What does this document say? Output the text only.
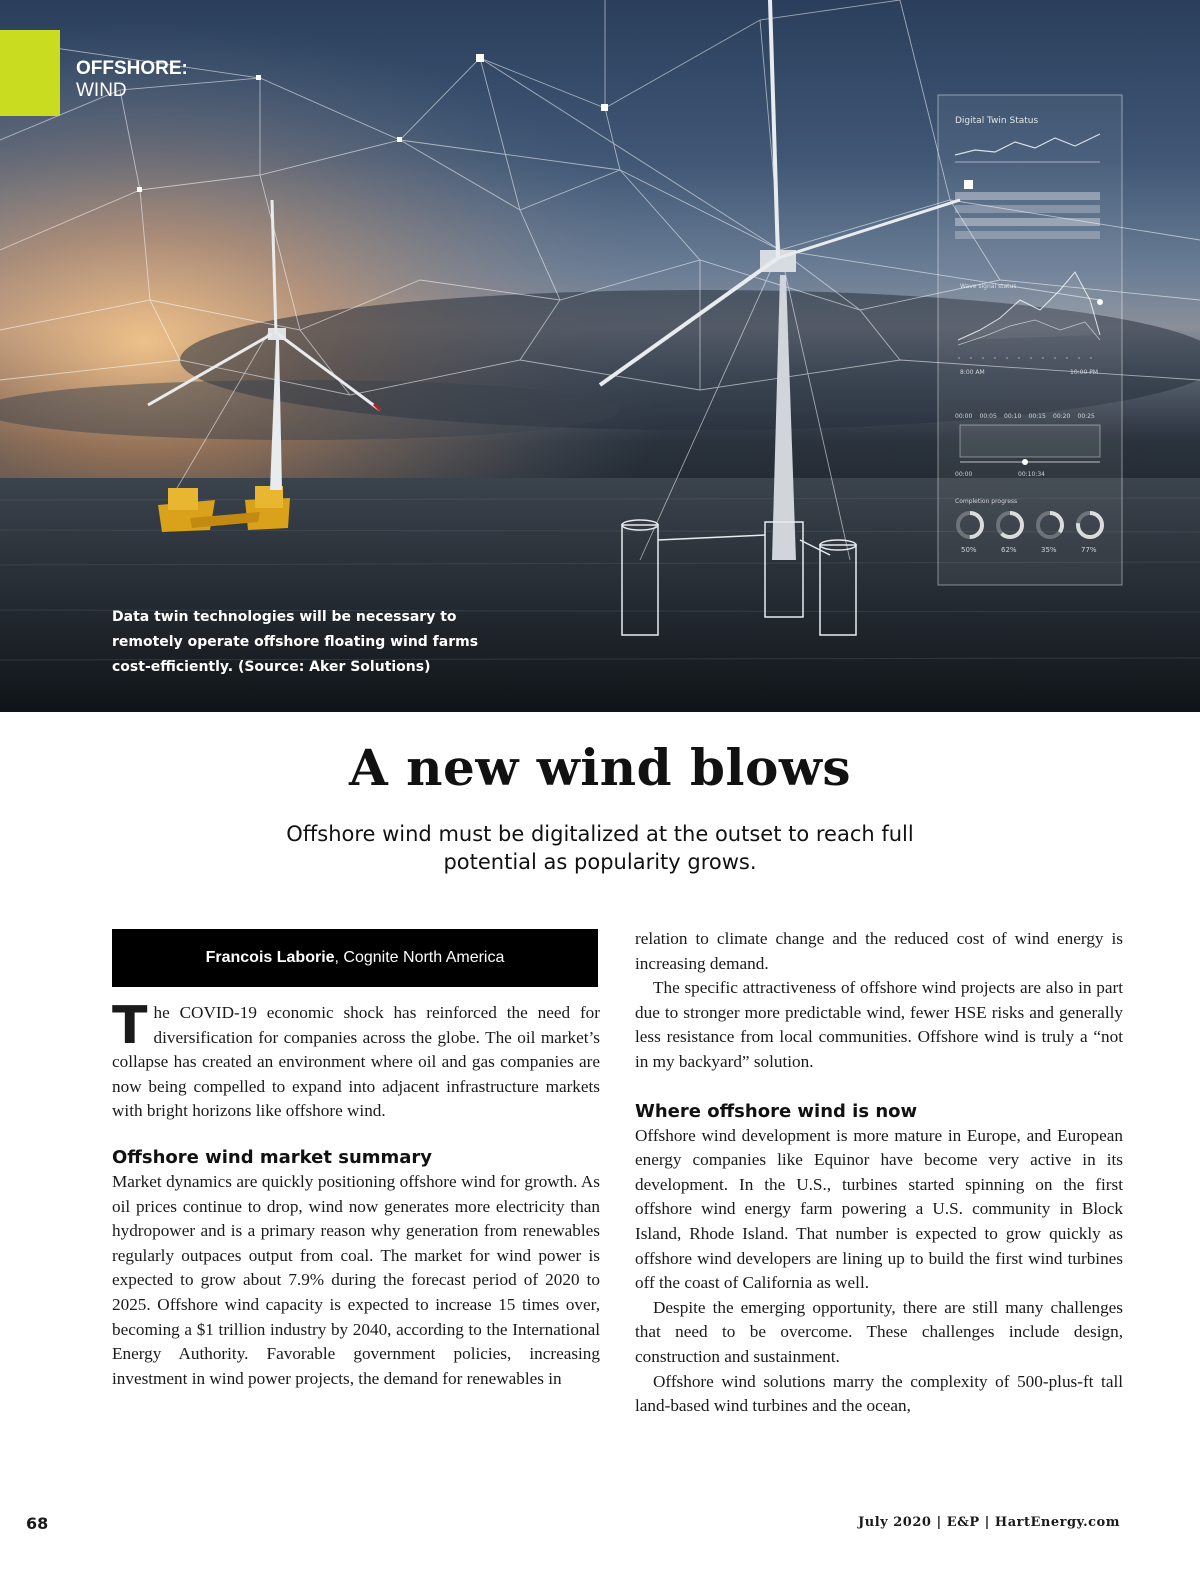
Digital Twin Status
Wave signal status
8:00 AM	10:00 PM
00:00 00:05 00:10 00:15 00:20 00:25
00:00	00:10:34
Completion progress
50%	62%	35%	77%
OFFSHORE:
WIND
Data twin technologies will be necessary to remotely operate offshore floating wind farms cost-efficiently. (Source: Aker Solutions)
A new wind blows

Offshore wind must be digitalized at the outset to reach full potential as popularity grows.

Francois Laborie , Cognite North America

The COVID-19 economic shock has reinforced the need for diversification for companies across the globe. The oil market’s collapse has created an environment where oil and gas companies are now being compelled to expand into adjacent infrastructure markets with bright horizons like offshore wind.

Offshore wind market summary

Market dynamics are quickly positioning offshore wind for growth. As oil prices continue to drop, wind now generates more electricity than hydropower and is a primary reason why generation from renewables regularly outpaces output from coal. The market for wind power is expected to grow about 7.9% during the forecast period of 2020 to 2025. Offshore wind capacity is expected to increase 15 times over, becoming a $1 trillion industry by 2040, according to the International Energy Authority. Favorable government policies, increasing investment in wind power projects, the demand for renewables in

relation to climate change and the reduced cost of wind energy is increasing demand.

The specific attractiveness of offshore wind projects are also in part due to stronger more predictable wind, fewer HSE risks and generally less resistance from local communities. Offshore wind is truly a “not in my backyard” solution.

Where offshore wind is now

Offshore wind development is more mature in Europe, and European energy companies like Equinor have become very active in its development. In the U.S., turbines started spinning on the first offshore wind energy farm powering a U.S. community in Block Island, Rhode Island. That number is expected to grow quickly as offshore wind developers are lining up to build the first wind turbines off the coast of California as well.

Despite the emerging opportunity, there are still many challenges that need to be overcome. These challenges include design, construction and sustainment.

Offshore wind solutions marry the complexity of 500-plus-ft tall land-based wind turbines and the ocean,

68	July 2020 | E&P | HartEnergy.com
